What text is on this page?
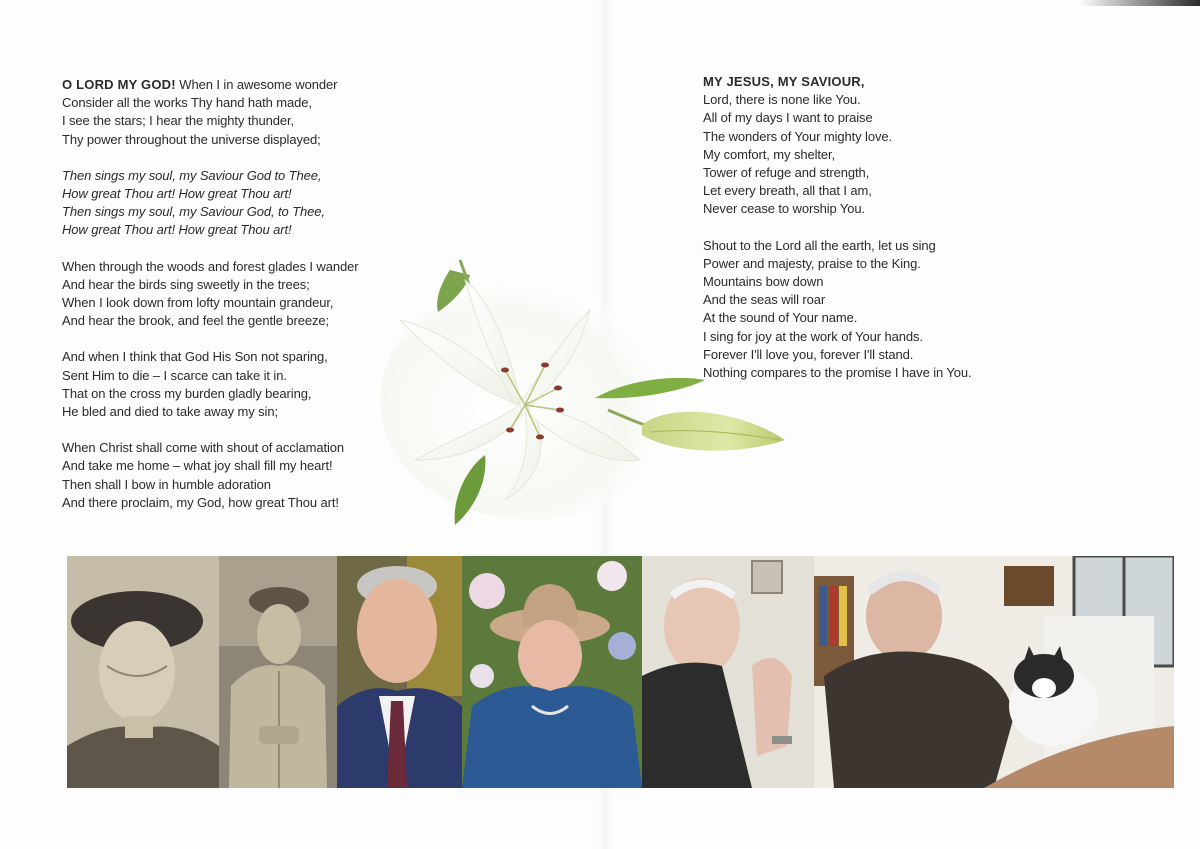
O LORD MY GOD! When I in awesome wonder
Consider all the works Thy hand hath made,
I see the stars; I hear the mighty thunder,
Thy power throughout the universe displayed;
Then sings my soul, my Saviour God to Thee,
How great Thou art! How great Thou art!
Then sings my soul, my Saviour God, to Thee,
How great Thou art! How great Thou art!
When through the woods and forest glades I wander
And hear the birds sing sweetly in the trees;
When I look down from lofty mountain grandeur,
And hear the brook, and feel the gentle breeze;
And when I think that God His Son not sparing,
Sent Him to die – I scarce can take it in.
That on the cross my burden gladly bearing,
He bled and died to take away my sin;
When Christ shall come with shout of acclamation
And take me home – what joy shall fill my heart!
Then shall I bow in humble adoration
And there proclaim, my God, how great Thou art!
MY JESUS, MY SAVIOUR,
Lord, there is none like You.
All of my days I want to praise
The wonders of Your mighty love.
My comfort, my shelter,
Tower of refuge and strength,
Let every breath, all that I am,
Never cease to worship You.
Shout to the Lord all the earth, let us sing
Power and majesty, praise to the King.
Mountains bow down
And the seas will roar
At the sound of Your name.
I sing for joy at the work of Your hands.
Forever I'll love you, forever I'll stand.
Nothing compares to the promise I have in You.
